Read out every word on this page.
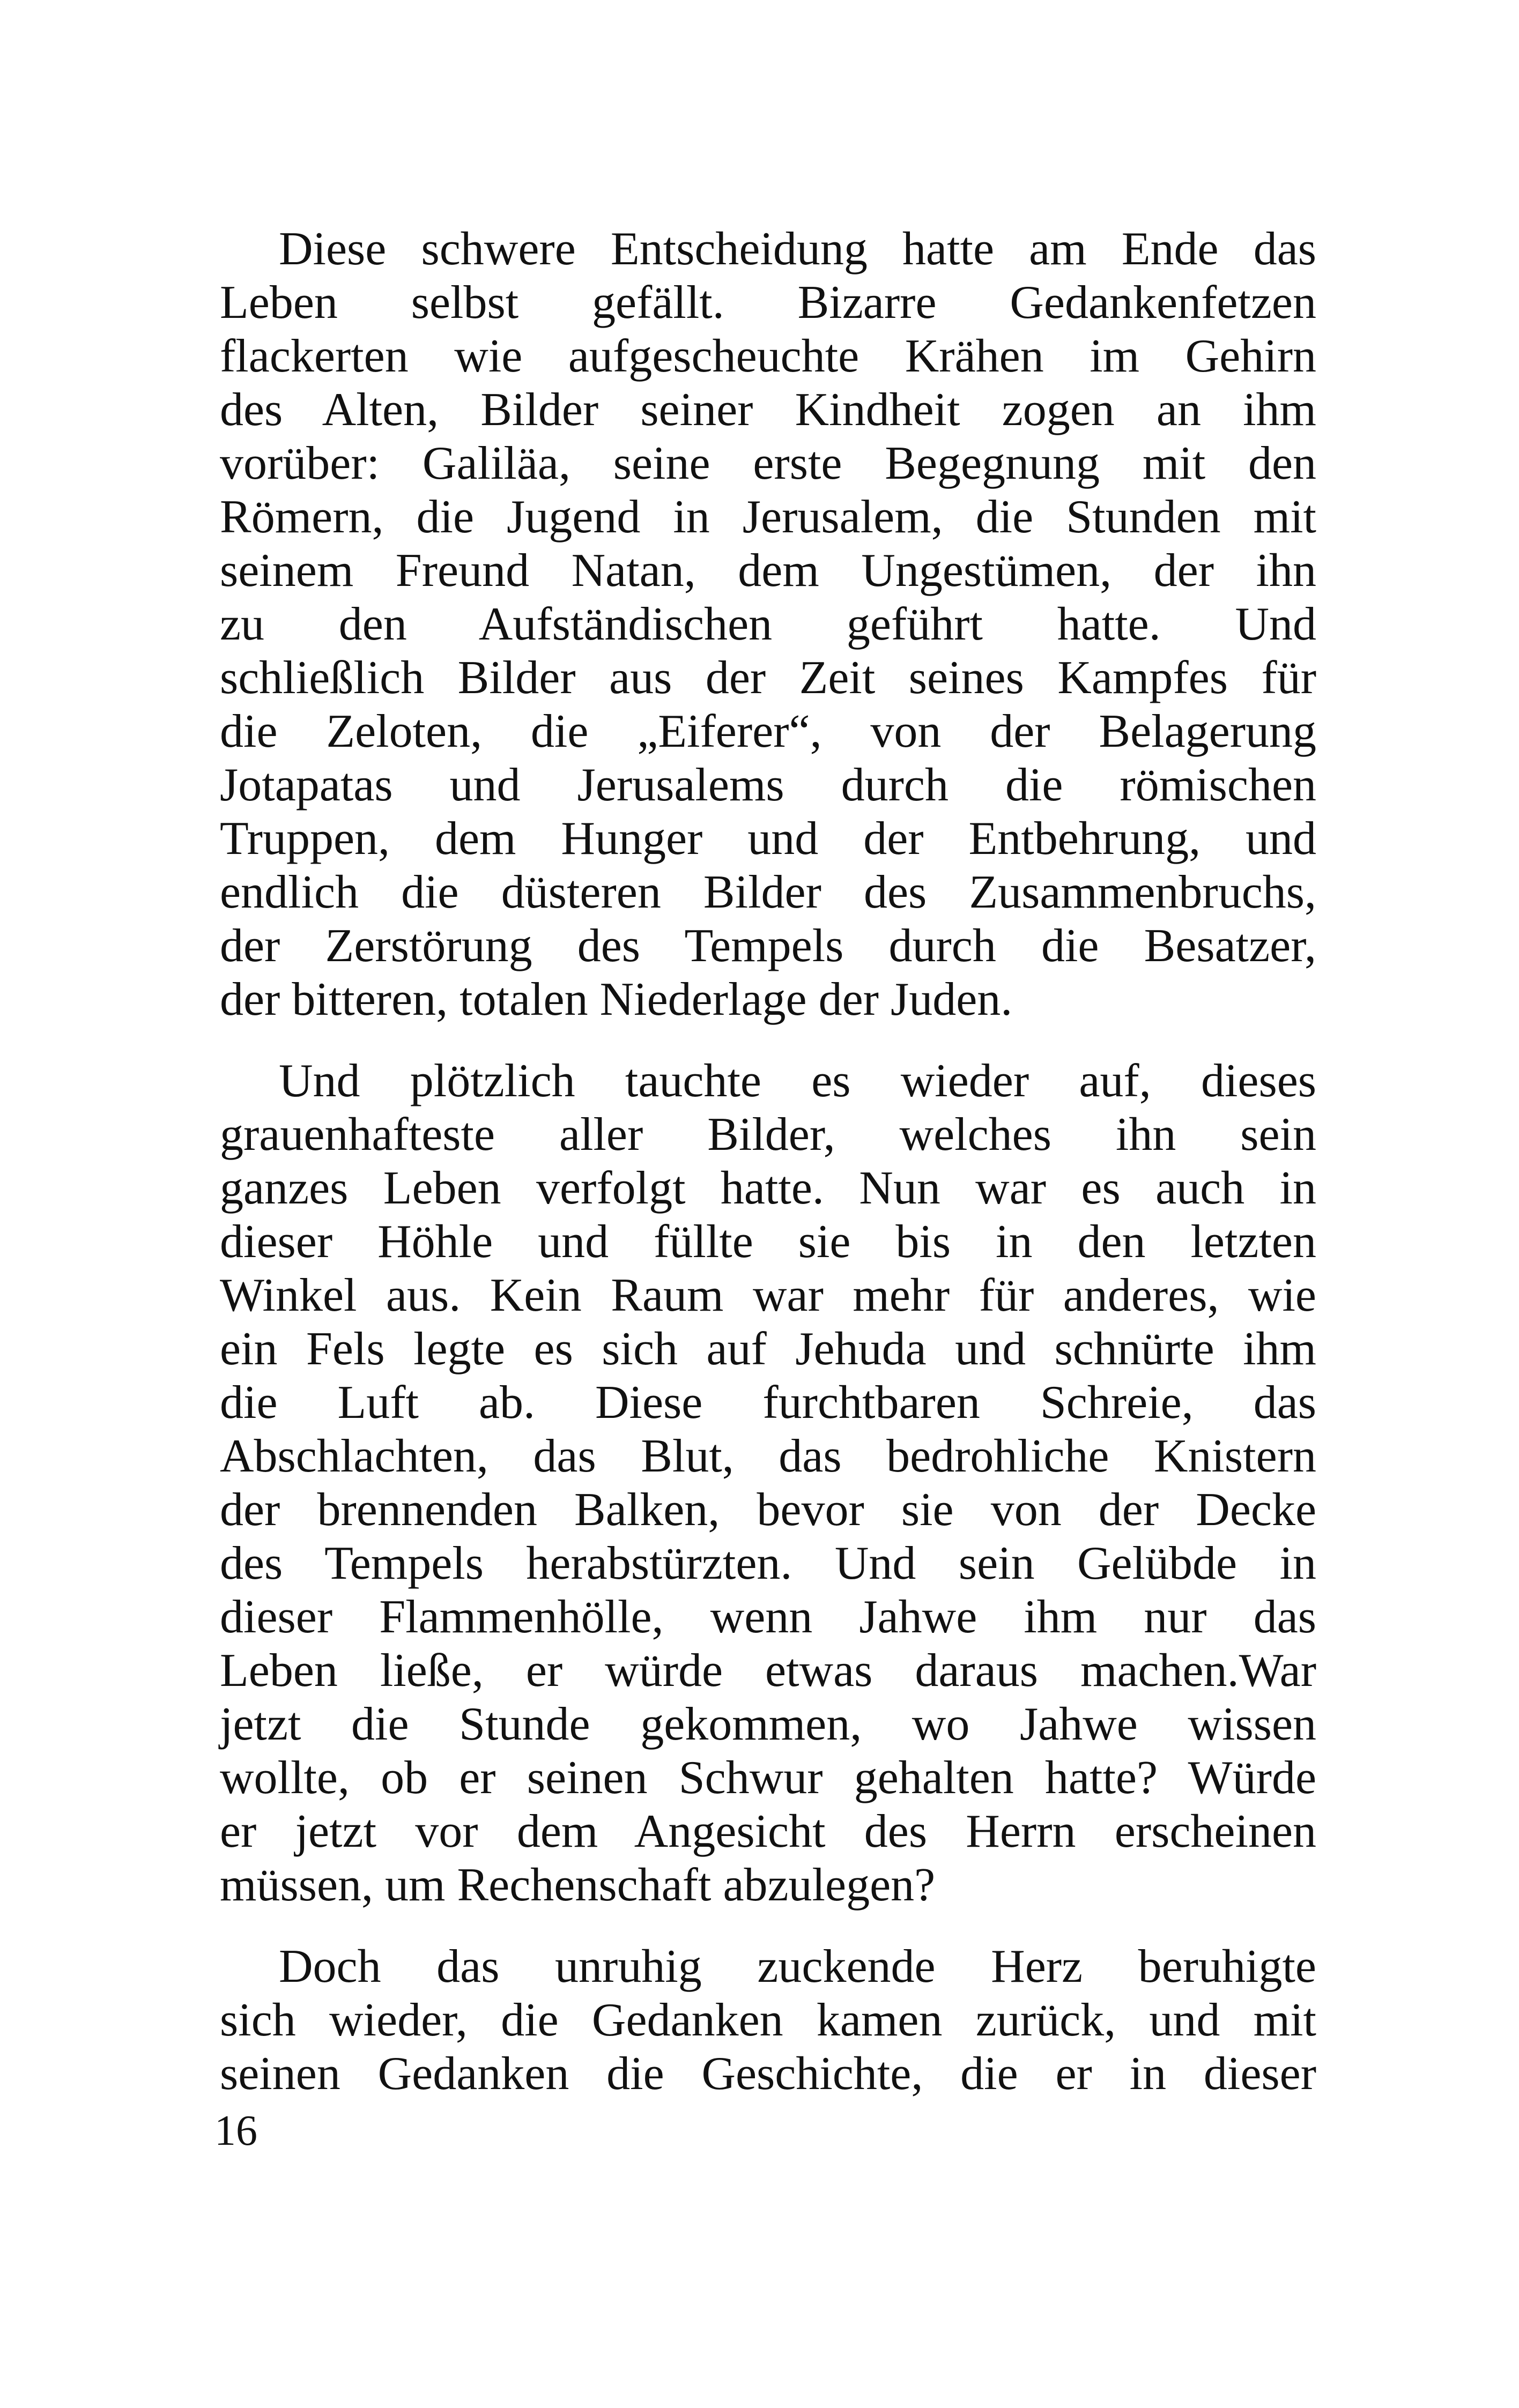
Diese schwere Entscheidung hatte am Ende das
Leben selbst gefällt. Bizarre Gedankenfetzen
flackerten wie aufgescheuchte Krähen im Gehirn
des Alten, Bilder seiner Kindheit zogen an ihm
vorüber: Galiläa, seine erste Begegnung mit den
Römern, die Jugend in Jerusalem, die Stunden mit
seinem Freund Natan, dem Ungestümen, der ihn
zu den Aufständischen geführt hatte. Und
schließlich Bilder aus der Zeit seines Kampfes für
die Zeloten, die „Eiferer“, von der Belagerung
Jotapatas und Jerusalems durch die römischen
Truppen, dem Hunger und der Entbehrung, und
endlich die düsteren Bilder des Zusammenbruchs,
der Zerstörung des Tempels durch die Besatzer,
der bitteren, totalen Niederlage der Juden.
Und plötzlich tauchte es wieder auf, dieses
grauenhafteste aller Bilder, welches ihn sein
ganzes Leben verfolgt hatte. Nun war es auch in
dieser Höhle und füllte sie bis in den letzten
Winkel aus. Kein Raum war mehr für anderes, wie
ein Fels legte es sich auf Jehuda und schnürte ihm
die Luft ab. Diese furchtbaren Schreie, das
Abschlachten, das Blut, das bedrohliche Knistern
der brennenden Balken, bevor sie von der Decke
des Tempels herabstürzten. Und sein Gelübde in
dieser Flammenhölle, wenn Jahwe ihm nur das
Leben ließe, er würde etwas daraus machen.War
jetzt die Stunde gekommen, wo Jahwe wissen
wollte, ob er seinen Schwur gehalten hatte? Würde
er jetzt vor dem Angesicht des Herrn erscheinen
müssen, um Rechenschaft abzulegen?
Doch das unruhig zuckende Herz beruhigte
sich wieder, die Gedanken kamen zurück, und mit
seinen Gedanken die Geschichte, die er in dieser
16
